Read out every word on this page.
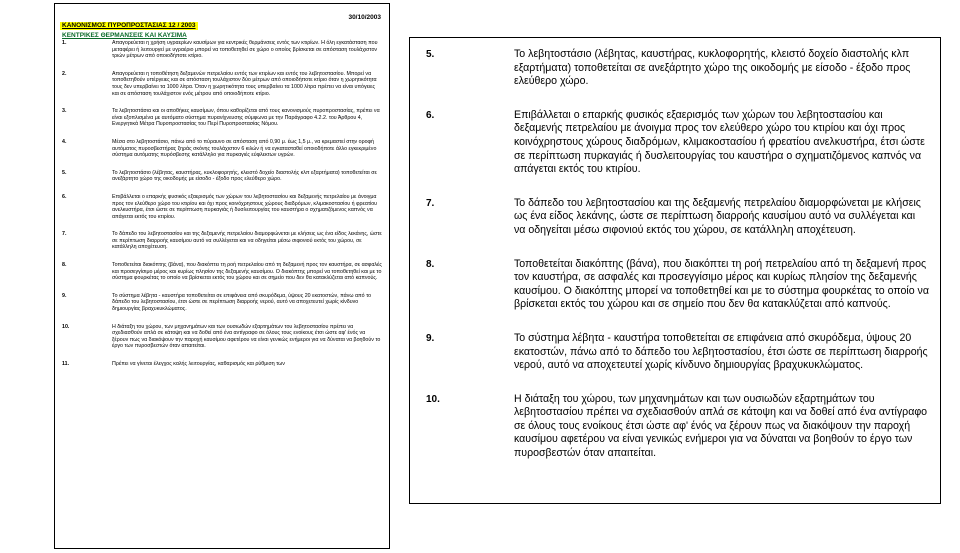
30/10/2003
ΚΑΝΟΝΙΣΜΟΣ ΠΥΡΟΠΡΟΣΤΑΣΙΑΣ 12 / 2003
ΚΕΝΤΡΙΚΕΣ ΘΕΡΜΑΝΣΕΙΣ ΚΑΙ ΚΑΥΣΙΜΑ
1.	Απαγορεύεται η χρήση υγραερίων καυσίμων για κεντρικές θερμάνσεις εντός των κτιρίων. Η όλη εγκατάσταση που μεταφέρει ή λειτουργεί με υγραέριο μπορεί να τοποθετηθεί σε χώρο ο οποίος βρίσκεται σε απόσταση τουλάχιστον τριών μέτρων από οποιοδήποτε κτίριο.
2.	Απαγορεύεται η τοποθέτηση δεξαμενών πετρελαίου εντός των κτιρίων και εντός του λεβητοστασίου. Μπορεί να τοποθετηθούν υπέργειες και σε απόσταση τουλάχιστον δύο μέτρων από οποιοδήποτε κτίριο όταν η χωρητικότητα τους δεν υπερβαίνει τα 1000 λίτρα. Όταν η χωρητικότητα τους υπερβαίνει τα 1000 λίτρα πρέπει να είναι υπόγειες και σε απόσταση τουλάχιστον ενός μέτρου από οποιοδήποτε κτίριο.
3.	Τα λεβητοστάσια και οι αποθήκες καυσίμων, όπου καθορίζεται από τους κανονισμούς πυροπροστασίας, πρέπει να είναι εξοπλισμένα με αυτόματο σύστημα πυρανίχνευσης σύμφωνα με την Παράγραφο 4.2.2. του Άρθρου 4, Ενεργητικά Μέτρα Πυροπροστασίας του Περί Πυροπροστασίας Νόμου.
4.	Μέσα στο λεβητοστάσιο, πάνω από το πύραυνο σε απόσταση από 0,90 μ. έως 1,5 μ., να κρεμαστεί στην οροφή αυτόματος πυροσβεστήρας ξηράς σκόνης τουλάχιστον 6 κιλών ή να εγκατασταθεί οποιοδήποτε άλλο εγκεκριμένο σύστημα αυτόματης πυρόσβεσης κατάλληλο για πυρκαγιές εύφλεκτων υγρών.
5.	Το λεβητοστάσιο (λέβητας, καυστήρας, κυκλοφορητής, κλειστό δοχείο διαστολής κλπ εξαρτήματα) τοποθετείται σε ανεξάρτητο χώρο της οικοδομής με είσοδο - έξοδο προς ελεύθερο χώρο.
6.	Επιβάλλεται ο επαρκής φυσικός εξαερισμός των χώρων του λεβητοστασίου και δεξαμενής πετρελαίου με άνοιγμα προς τον ελεύθερο χώρο του κτιρίου και όχι προς κοινόχρηστους χώρους διαδρόμων, κλιμακοστασίου ή φρεατίου ανελκυστήρα, έτσι ώστε σε περίπτωση πυρκαγιάς ή δυσλειτουργίας του καυστήρα ο σχηματιζόμενος καπνός να απάγεται εκτός του κτιρίου.
7.	Το δάπεδο του λεβητοστασίου και της δεξαμενής πετρελαίου διαμορφώνεται με κλήσεις ως ένα είδος λεκάνης, ώστε σε περίπτωση διαρροής καυσίμου αυτό να συλλέγεται και να οδηγείται μέσω σιφονιού εκτός του χώρου, σε κατάλληλη αποχέτευση.
8.	Τοποθετείται διακόπτης (βάνα), που διακόπτει τη ροή πετρελαίου από τη δεξαμενή προς τον καυστήρα, σε ασφαλές και προσεγγίσιμο μέρος και κυρίως πλησίον της δεξαμενής καυσίμου. Ο διακόπτης μπορεί να τοποθετηθεί και με το σύστημα φουρκέτας το οποίο να βρίσκεται εκτός του χώρου και σε σημείο που δεν θα κατακλύζεται από καπνούς.
9.	Το σύστημα λέβητα - καυστήρα τοποθετείται σε επιφάνεια από σκυρόδεμα, ύψους 20 εκατοστών, πάνω από το δάπεδο του λεβητοστασίου, έτσι ώστε σε περίπτωση διαρροής νερού, αυτό να αποχετευτεί χωρίς κίνδυνο δημιουργίας βραχυκυκλώματος.
10.	Η διάταξη του χώρου, των μηχανημάτων και των ουσιωδών εξαρτημάτων του λεβητοστασίου πρέπει να σχεδιασθούν απλά σε κάτοψη και να δοθεί από ένα αντίγραφο σε όλους τους ενοίκους έτσι ώστε αφ' ένός να ξέρουν πως να διακόψουν την παροχή καυσίμου αφετέρου να είναι γενικώς ενήμεροι για να δύναται να βοηθούν το έργο των πυροσβεστών όταν απαιτείται.
11.	Πρέπει να γίνεται έλεγχος καλής λειτουργίας, καθαρισμός και ρύθμιση των
5.	Το λεβητοστάσιο (λέβητας, καυστήρας, κυκλοφορητής, κλειστό δοχείο διαστολής κλπ εξαρτήματα) τοποθετείται σε ανεξάρτητο χώρο της οικοδομής με είσοδο - έξοδο προς ελεύθερο χώρο.
6.	Επιβάλλεται ο επαρκής φυσικός εξαερισμός των χώρων του λεβητοστασίου και δεξαμενής πετρελαίου με άνοιγμα προς τον ελεύθερο χώρο του κτιρίου και όχι προς κοινόχρηστους χώρους διαδρόμων, κλιμακοστασίου ή φρεατίου ανελκυστήρα, έτσι ώστε σε περίπτωση πυρκαγιάς ή δυσλειτουργίας του καυστήρα ο σχηματιζόμενος καπνός να απάγεται εκτός του κτιρίου.
7.	Το δάπεδο του λεβητοστασίου και της δεξαμενής πετρελαίου διαμορφώνεται με κλήσεις ως ένα είδος λεκάνης, ώστε σε περίπτωση διαρροής καυσίμου αυτό να συλλέγεται και να οδηγείται μέσω σιφονιού εκτός του χώρου, σε κατάλληλη αποχέτευση.
8.	Τοποθετείται διακόπτης (βάνα), που διακόπτει τη ροή πετρελαίου από τη δεξαμενή προς τον καυστήρα, σε ασφαλές και προσεγγίσιμο μέρος και κυρίως πλησίον της δεξαμενής καυσίμου. Ο διακόπτης μπορεί να τοποθετηθεί και με το σύστημα φουρκέτας το οποίο να βρίσκεται εκτός του χώρου και σε σημείο που δεν θα κατακλύζεται από καπνούς.
9.	Το σύστημα λέβητα - καυστήρα τοποθετείται σε επιφάνεια από σκυρόδεμα, ύψους 20 εκατοστών, πάνω από το δάπεδο του λεβητοστασίου, έτσι ώστε σε περίπτωση διαρροής νερού, αυτό να αποχετευτεί χωρίς κίνδυνο δημιουργίας βραχυκυκλώματος.
10.	Η διάταξη του χώρου, των μηχανημάτων και των ουσιωδών εξαρτημάτων του λεβητοστασίου πρέπει να σχεδιασθούν απλά σε κάτοψη και να δοθεί από ένα αντίγραφο σε όλους τους ενοίκους έτσι ώστε αφ' ένός να ξέρουν πως να διακόψουν την παροχή καυσίμου αφετέρου να είναι γενικώς ενήμεροι για να δύναται να βοηθούν το έργο των πυροσβεστών όταν απαιτείται.
